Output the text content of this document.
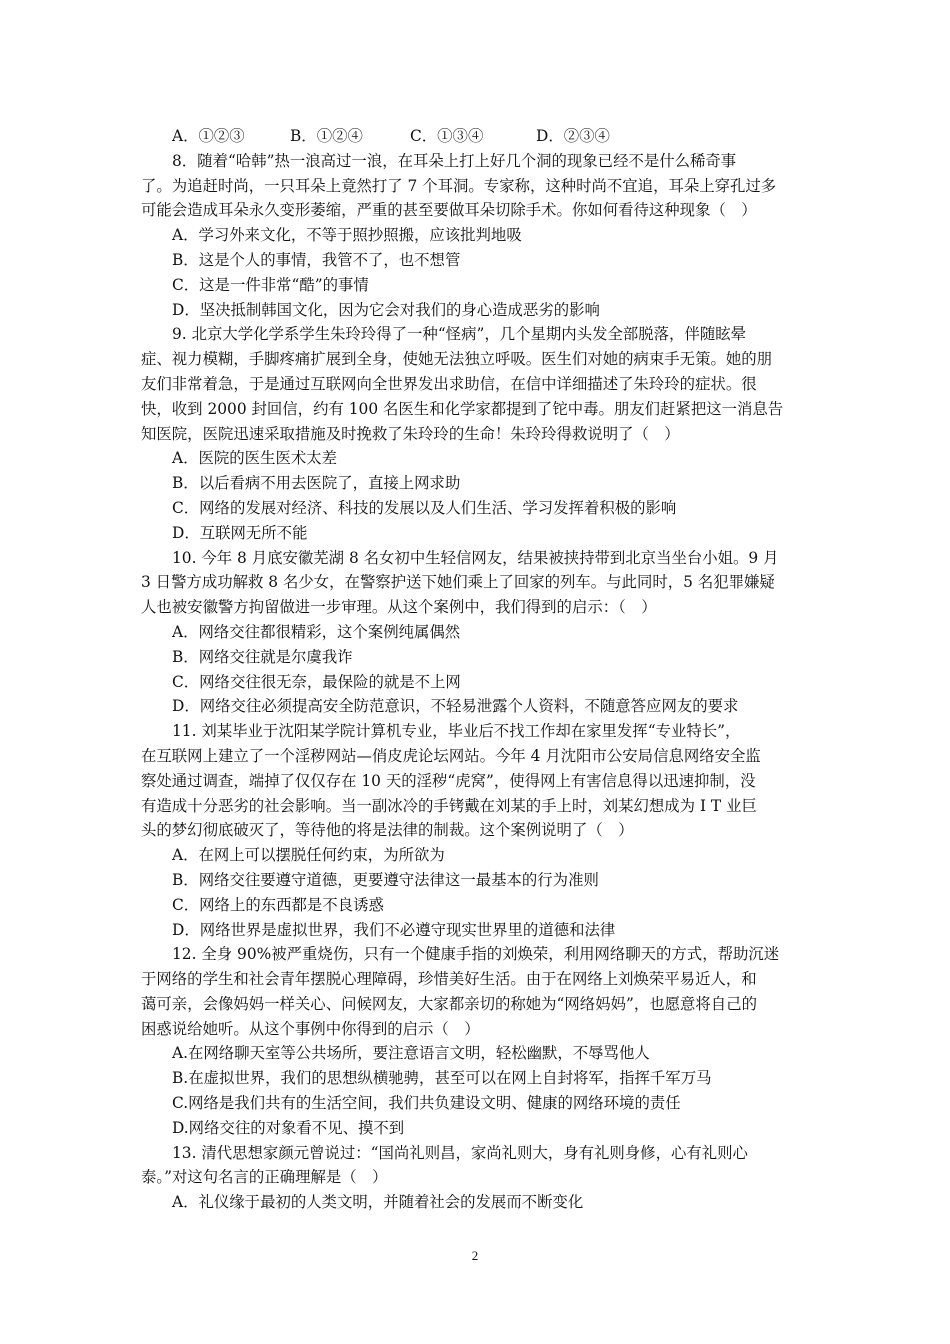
A．①②③	B．①②④	C．①③④	D．②③④

8．随着“哈韩”热一浪高过一浪，在耳朵上打上好几个洞的现象已经不是什么稀奇事

了。为追赶时尚，一只耳朵上竟然打了 7 个耳洞。专家称，这种时尚不宜追，耳朵上穿孔过多

可能会造成耳朵永久变形萎缩，严重的甚至要做耳朵切除手术。你如何看待这种现象（　）

A．学习外来文化，不等于照抄照搬，应该批判地吸

B．这是个人的事情，我管不了，也不想管

C．这是一件非常“酷”的事情

D．坚决抵制韩国文化，因为它会对我们的身心造成恶劣的影响

9. 北京大学化学系学生朱玲玲得了一种“怪病”，几个星期内头发全部脱落，伴随眩晕

症、视力模糊，手脚疼痛扩展到全身，使她无法独立呼吸。医生们对她的病束手无策。她的朋

友们非常着急，于是通过互联网向全世界发出求助信，在信中详细描述了朱玲玲的症状。很

快，收到 2000 封回信，约有 100 名医生和化学家都提到了铊中毒。朋友们赶紧把这一消息告

知医院，医院迅速采取措施及时挽救了朱玲玲的生命！朱玲玲得救说明了（　）

A．医院的医生医术太差

B．以后看病不用去医院了，直接上网求助

C．网络的发展对经济、科技的发展以及人们生活、学习发挥着积极的影响

D．互联网无所不能

10. 今年 8 月底安徽芜湖 8 名女初中生轻信网友，结果被挟持带到北京当坐台小姐。9 月

3 日警方成功解救 8 名少女，在警察护送下她们乘上了回家的列车。与此同时，5 名犯罪嫌疑

人也被安徽警方拘留做进一步审理。从这个案例中，我们得到的启示：（　）

A．网络交往都很精彩，这个案例纯属偶然

B．网络交往就是尔虞我诈

C．网络交往很无奈，最保险的就是不上网

D．网络交往必须提高安全防范意识，不轻易泄露个人资料，不随意答应网友的要求

11. 刘某毕业于沈阳某学院计算机专业，毕业后不找工作却在家里发挥“专业特长”，

在互联网上建立了一个淫秽网站—俏皮虎论坛网站。今年 4 月沈阳市公安局信息网络安全监

察处通过调查，端掉了仅仅存在 10 天的淫秽“虎窝”，使得网上有害信息得以迅速抑制，没

有造成十分恶劣的社会影响。当一副冰冷的手铐戴在刘某的手上时，刘某幻想成为 I T 业巨

头的梦幻彻底破灭了，等待他的将是法律的制裁。这个案例说明了（　）

A．在网上可以摆脱任何约束，为所欲为

B．网络交往要遵守道德，更要遵守法律这一最基本的行为准则

C．网络上的东西都是不良诱惑

D．网络世界是虚拟世界，我们不必遵守现实世界里的道德和法律

12. 全身 90%被严重烧伤，只有一个健康手指的刘焕荣，利用网络聊天的方式，帮助沉迷

于网络的学生和社会青年摆脱心理障碍，珍惜美好生活。由于在网络上刘焕荣平易近人，和

蔼可亲，会像妈妈一样关心、问候网友，大家都亲切的称她为“网络妈妈”，也愿意将自己的

困惑说给她听。从这个事例中你得到的启示（　）

A.在网络聊天室等公共场所，要注意语言文明，轻松幽默，不辱骂他人

B.在虚拟世界，我们的思想纵横驰骋，甚至可以在网上自封将军，指挥千军万马

C.网络是我们共有的生活空间，我们共负建设文明、健康的网络环境的责任

D.网络交往的对象看不见、摸不到

13. 清代思想家颜元曾说过：“国尚礼则昌，家尚礼则大，身有礼则身修，心有礼则心

泰。”对这句名言的正确理解是（　）

A．礼仪缘于最初的人类文明，并随着社会的发展而不断变化

2
